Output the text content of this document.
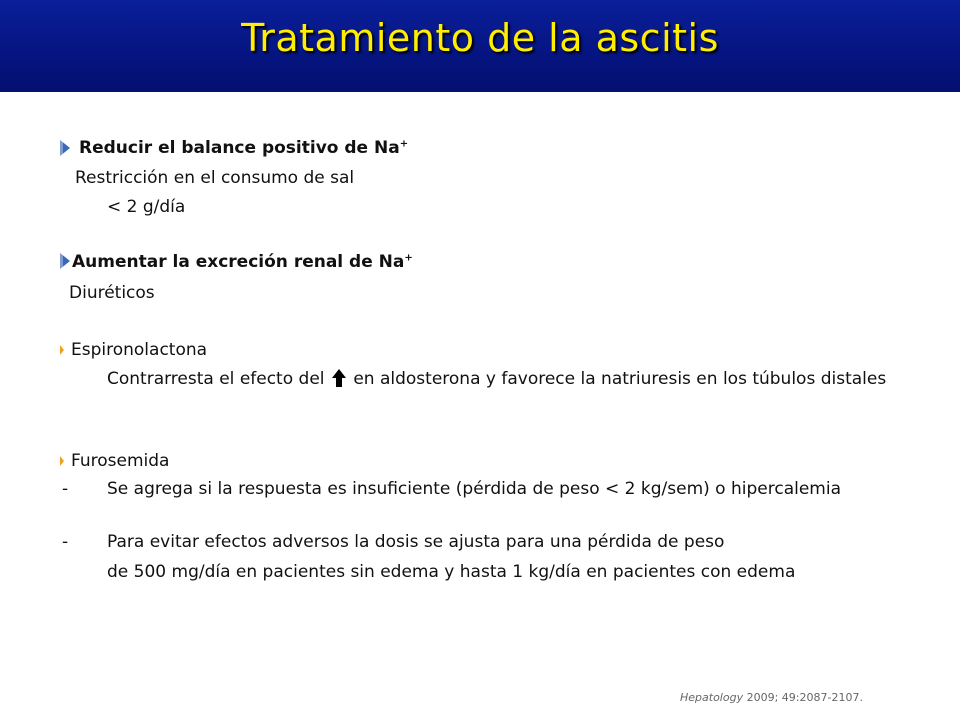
Tratamiento de la ascitis
Reducir el balance positivo de Na+
Restricción en el consumo de sal
< 2 g/día
Aumentar la excreción renal de Na+
Diuréticos
Espironolactona
Contrarresta el efecto del en aldosterona y favorece la natriuresis en los túbulos distales
Furosemida
- Se agrega si la respuesta es insuficiente (pérdida de peso < 2 kg/sem) o hipercalemia
- Para evitar efectos adversos la dosis se ajusta para una pérdida de peso
de 500 mg/día en pacientes sin edema y hasta 1 kg/día en pacientes con edema
Hepatology 2009; 49:2087-2107.
